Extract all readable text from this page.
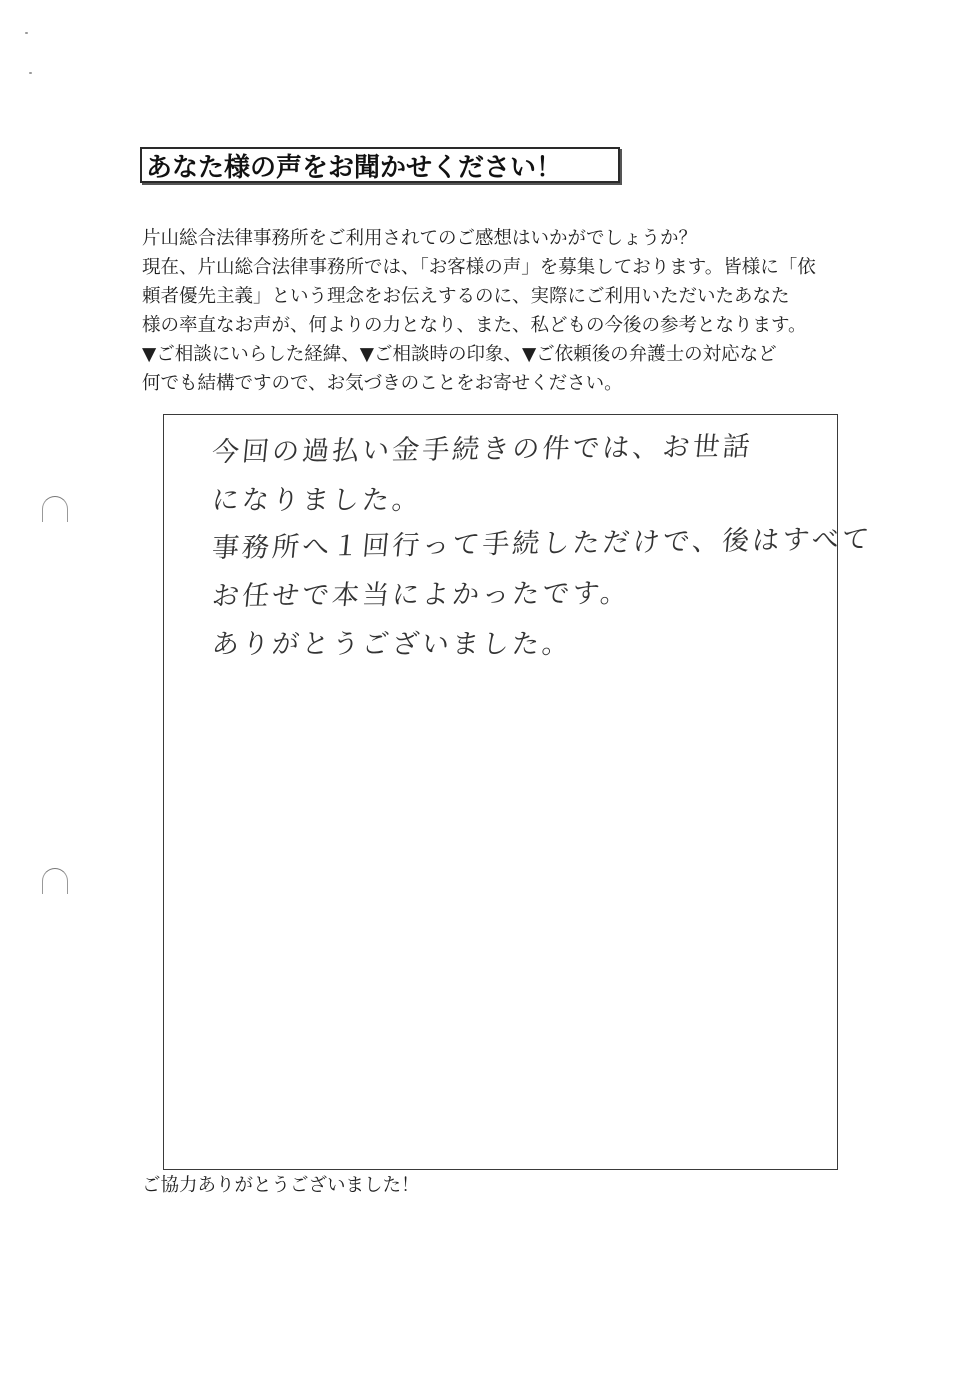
あなた様の声をお聞かせください！
片山総合法律事務所をご利用されてのご感想はいかがでしょうか？
現在、片山総合法律事務所では、「お客様の声」を募集しております。皆様に「依
頼者優先主義」という理念をお伝えするのに、実際にご利用いただいたあなた
様の率直なお声が、何よりの力となり、また、私どもの今後の参考となります。
▼ご相談にいらした経緯、▼ご相談時の印象、▼ご依頼後の弁護士の対応など
何でも結構ですので、お気づきのことをお寄せください。
今回の過払い金手続きの件では、お世話
になりました。
事務所へ１回行って手続しただけで、後はすべて
お任せで本当によかったです。
ありがとうございました。
ご協力ありがとうございました！
